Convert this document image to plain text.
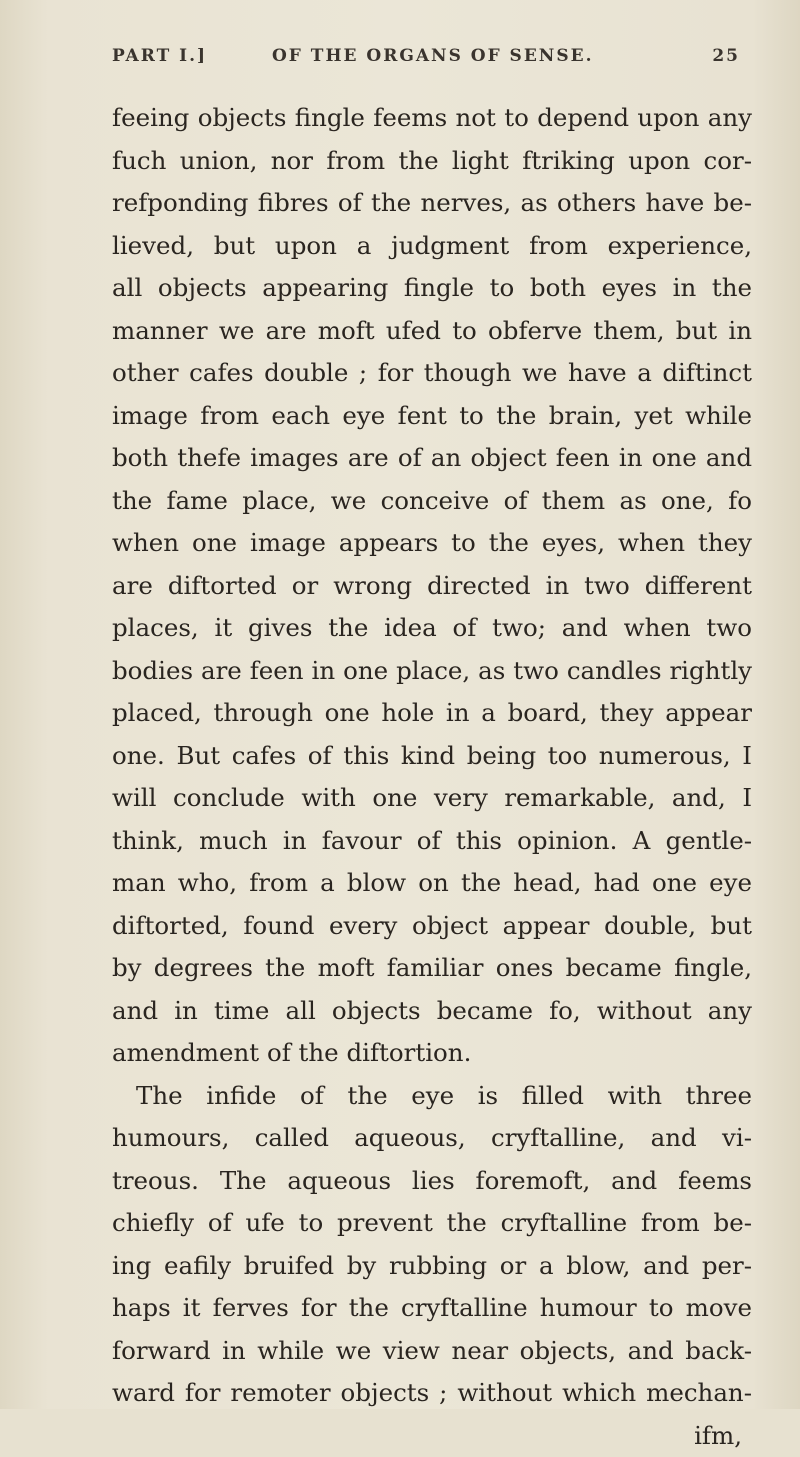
PART I.]	OF THE ORGANS OF SENSE.	25
feeing objects fingle feems not to depend upon any
fuch union, nor from the light ftriking upon cor-
refponding fibres of the nerves, as others have be-
lieved, but upon a judgment from experience,
all objects appearing fingle to both eyes in the
manner we are moft ufed to obferve them, but in
other cafes double ; for though we have a diftinct
image from each eye fent to the brain, yet while
both thefe images are of an object feen in one and
the fame place, we conceive of them as one, fo
when one image appears to the eyes, when they
are diftorted or wrong directed in two different
places, it gives the idea of two; and when two
bodies are feen in one place, as two candles rightly
placed, through one hole in a board, they appear
one. But cafes of this kind being too numerous, I
will conclude with one very remarkable, and, I
think, much in favour of this opinion. A gentle-
man who, from a blow on the head, had one eye
diftorted, found every object appear double, but
by degrees the moft familiar ones became fingle,
and in time all objects became fo, without any
amendment of the diftortion.
The infide of the eye is filled with three
humours, called aqueous, cryftalline, and vi-
treous. The aqueous lies foremoft, and feems
chiefly of ufe to prevent the cryftalline from be-
ing eafily bruifed by rubbing or a blow, and per-
haps it ferves for the cryftalline humour to move
forward in while we view near objects, and back-
ward for remoter objects ; without which mechan-
ifm,
